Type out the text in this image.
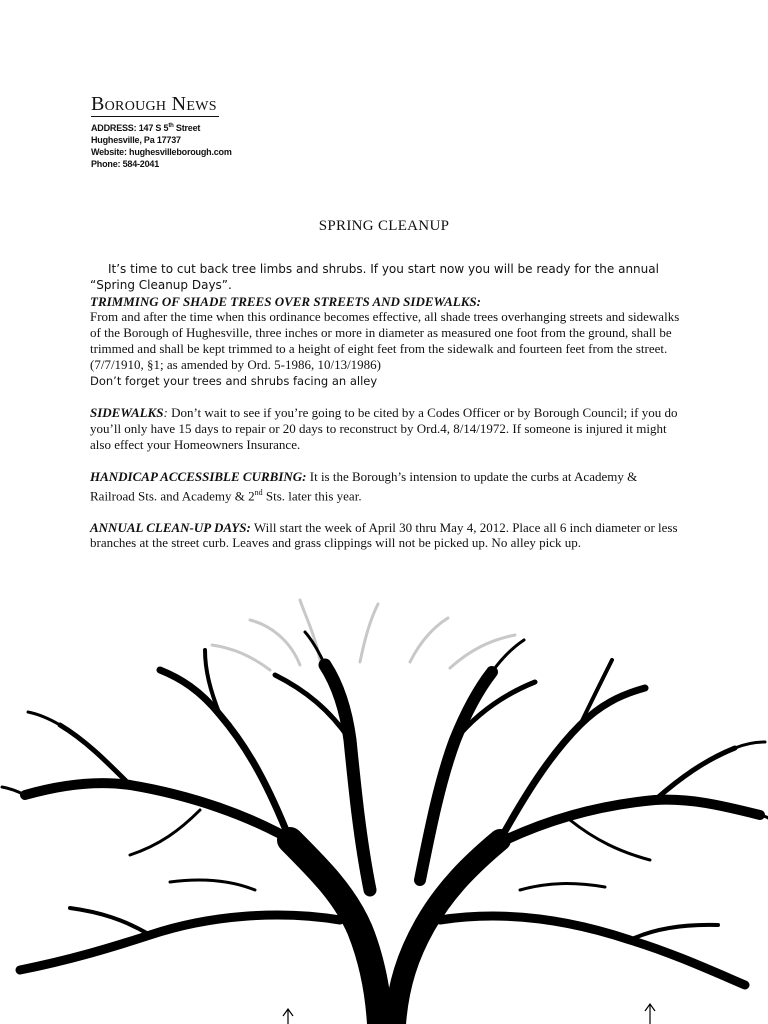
Borough News
ADDRESS: 147 S 5th Street
Hughesville, Pa 17737
Website: hughesvilleborough.com
Phone: 584-2041
SPRING CLEANUP

It’s time to cut back tree limbs and shrubs. If you start now you will be ready for the annual
“Spring Cleanup Days”.

TRIMMING OF SHADE TREES OVER STREETS AND SIDEWALKS:
From and after the time when this ordinance becomes effective, all shade trees overhanging streets and sidewalks of the Borough of Hughesville, three inches or more in diameter as measured one foot from the ground, shall be trimmed and shall be kept trimmed to a height of eight feet from the sidewalk and fourteen feet from the street. (7/7/1910, §1; as amended by Ord. 5-1986, 10/13/1986)
Don’t forget your trees and shrubs facing an alley

SIDEWALKS: Don’t wait to see if you’re going to be cited by a Codes Officer or by Borough Council; if you do you’ll only have 15 days to repair or 20 days to reconstruct by Ord.4, 8/14/1972. If someone is injured it might also effect your Homeowners Insurance.

HANDICAP ACCESSIBLE CURBING: It is the Borough’s intension to update the curbs at Academy & Railroad Sts. and Academy & 2nd Sts. later this year.

ANNUAL CLEAN-UP DAYS: Will start the week of April 30 thru May 4, 2012. Place all 6 inch diameter or less branches at the street curb. Leaves and grass clippings will not be picked up. No alley pick up.
